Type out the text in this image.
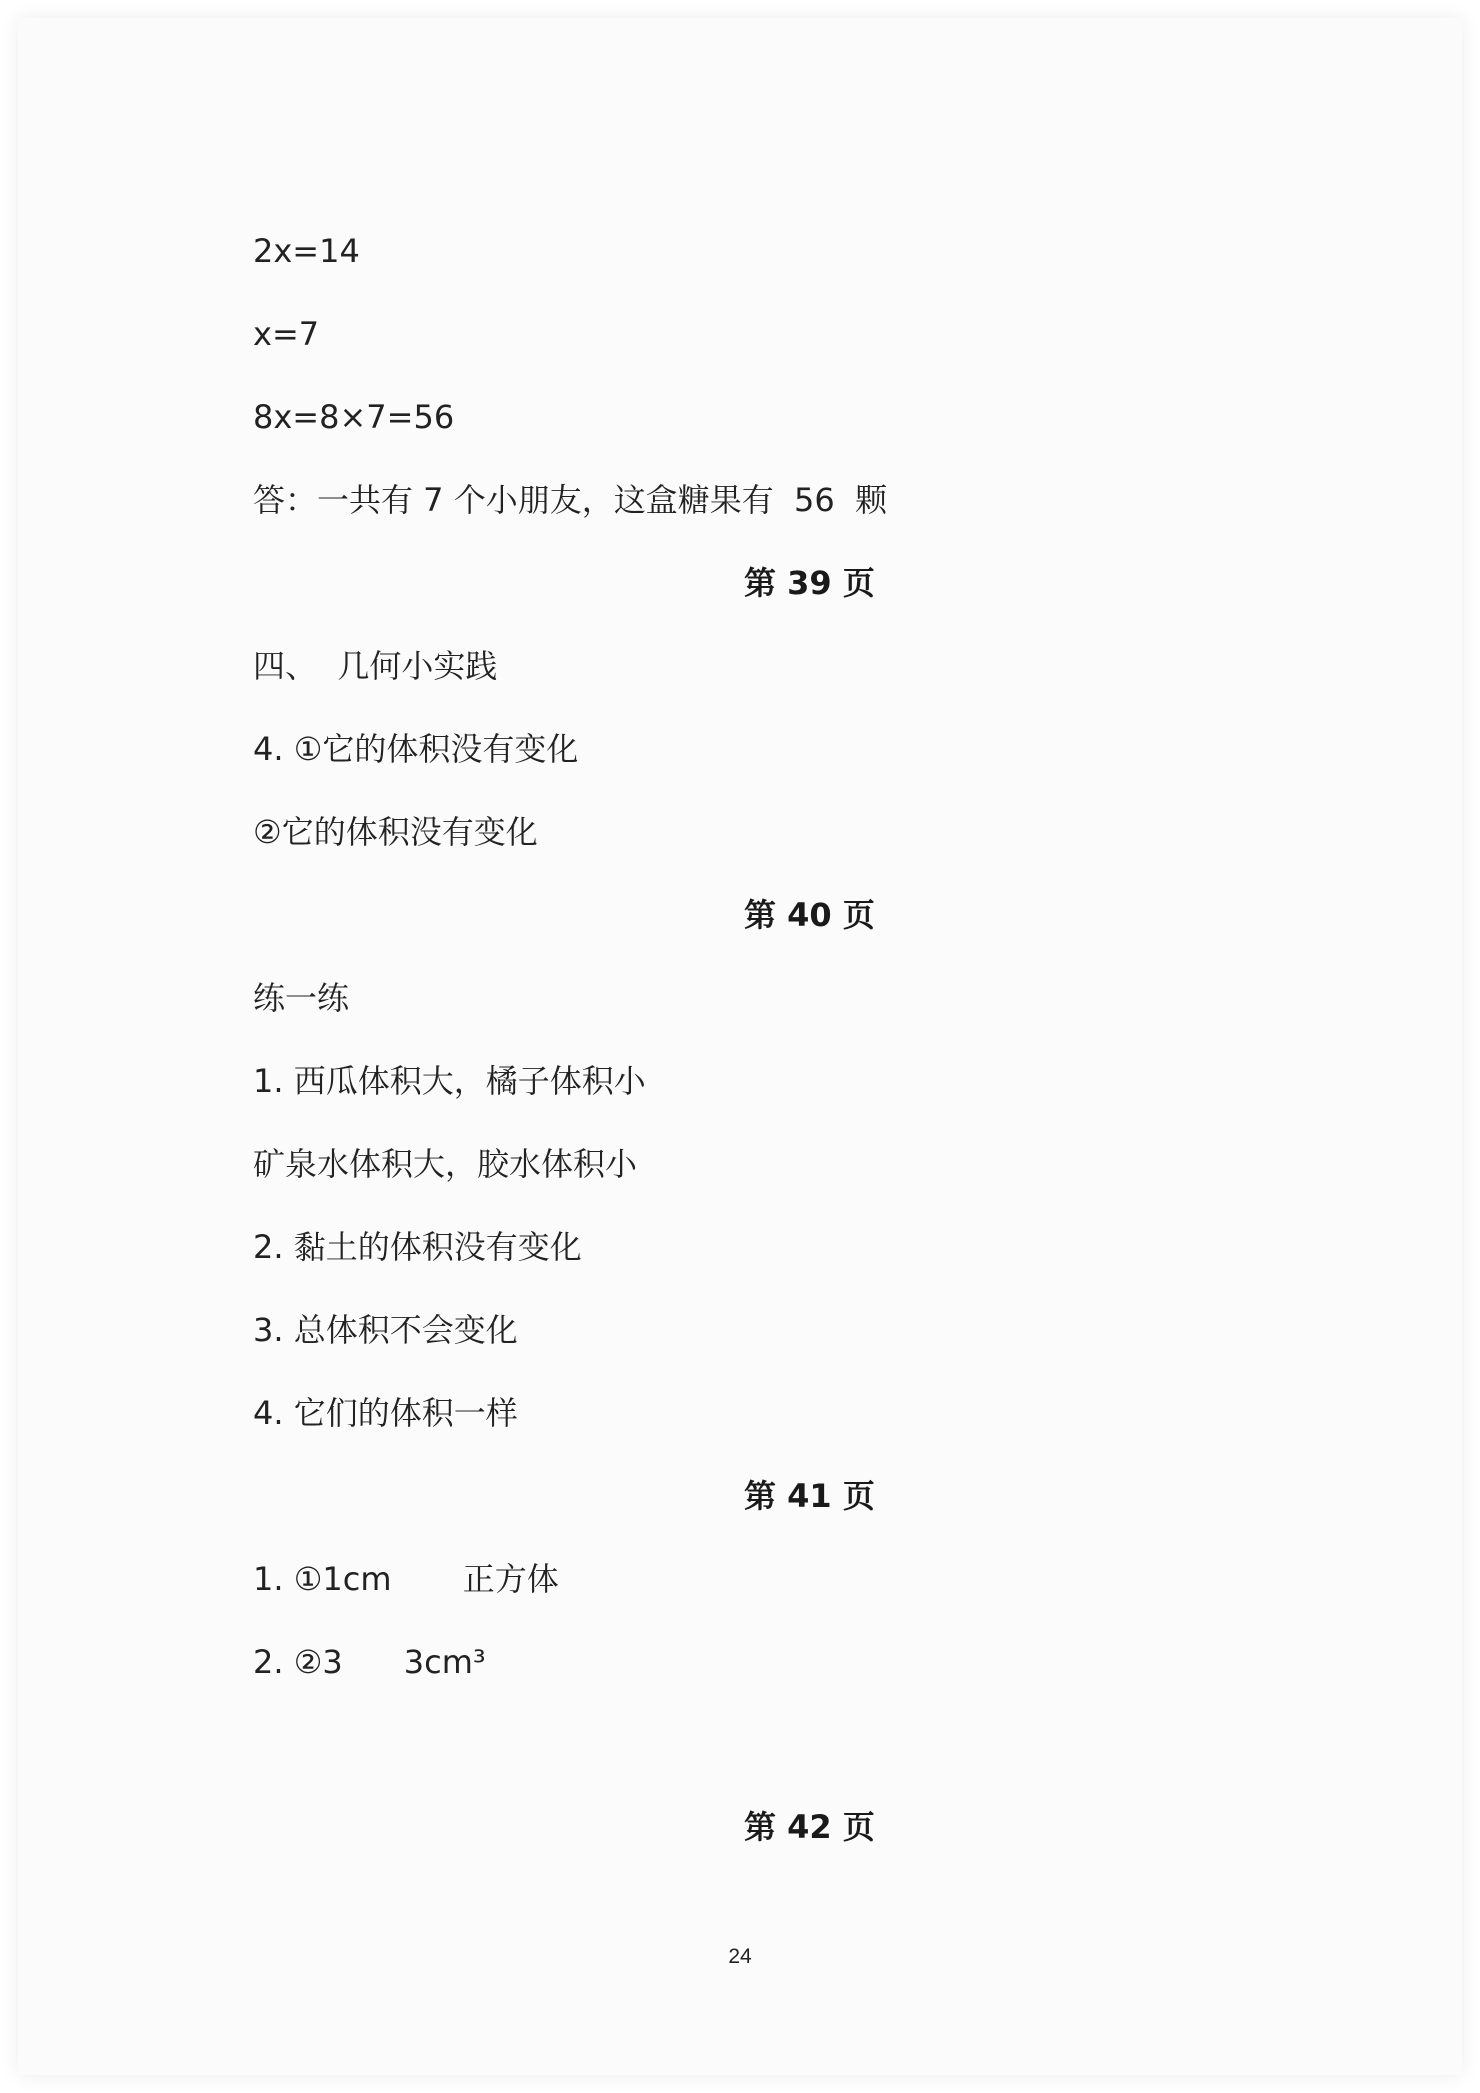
2x=14
x=7
8x=8×7=56
答：一共有 7 个小朋友，这盒糖果有  56  颗
第 39 页
四、  几何小实践
4. ①它的体积没有变化
②它的体积没有变化
第 40 页
练一练
1. 西瓜体积大，橘子体积小
矿泉水体积大，胶水体积小
2. 黏土的体积没有变化
3. 总体积不会变化
4. 它们的体积一样
第 41 页
1. ①1cm       正方体
2. ②3      3cm³
第 42 页
24
